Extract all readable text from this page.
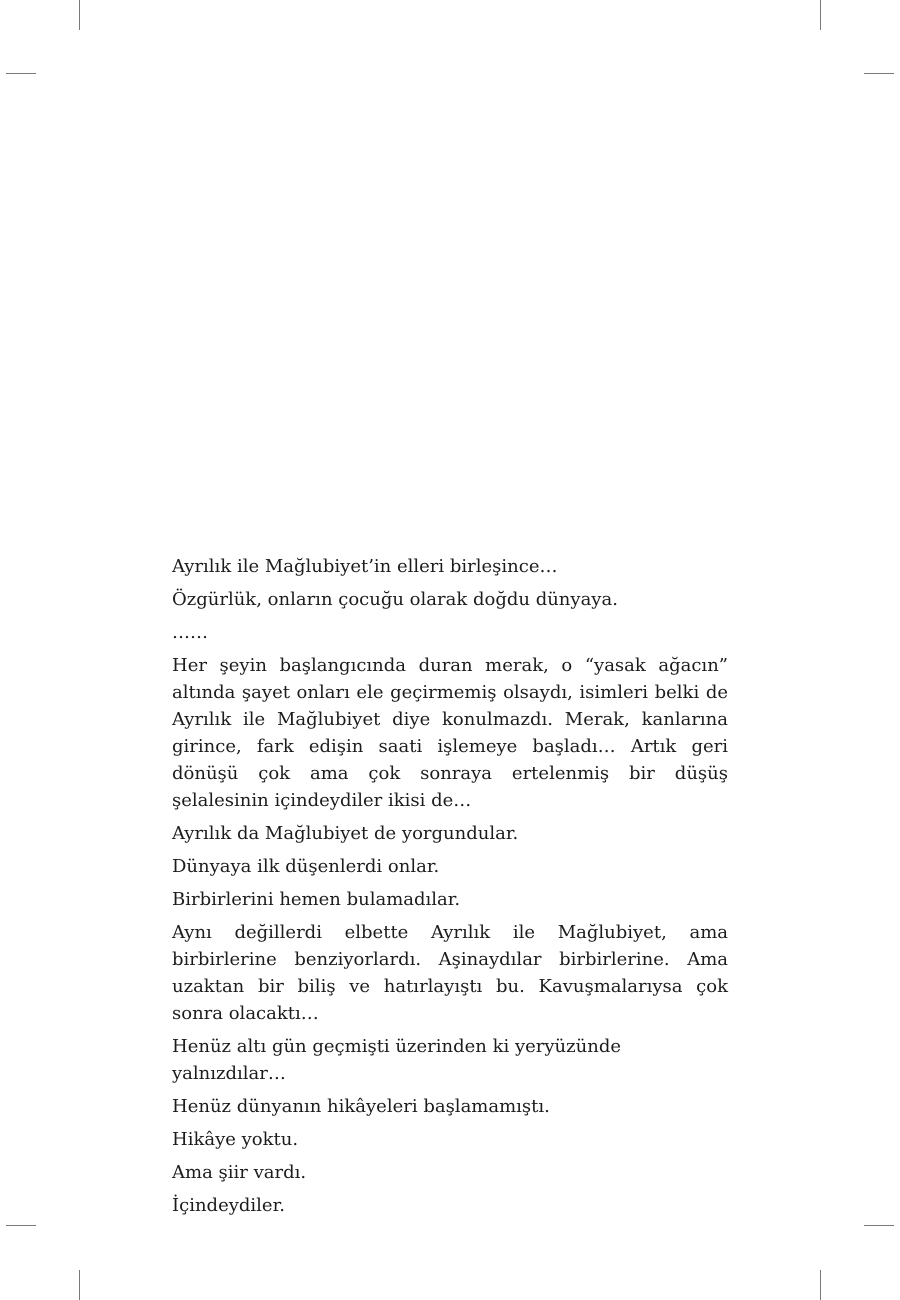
Ayrılık ile Mağlubiyet’in elleri birleşince…

Özgürlük, onların çocuğu olarak doğdu dünyaya.

……

Her şeyin başlangıcında duran merak, o “yasak ağacın” altında şayet onları ele geçirmemiş olsaydı, isimleri belki de Ayrılık ile Mağlubiyet diye konulmazdı. Merak, kanlarına girince, fark edişin saati işlemeye başladı… Artık geri dönüşü çok ama çok sonraya ertelenmiş bir düşüş şelalesinin içindeydiler ikisi de…

Ayrılık da Mağlubiyet de yorgundular.

Dünyaya ilk düşenlerdi onlar.

Birbirlerini hemen bulamadılar.

Aynı değillerdi elbette Ayrılık ile Mağlubiyet, ama birbirlerine benziyorlardı. Aşinaydılar birbirlerine. Ama uzaktan bir biliş ve hatırlayıştı bu. Kavuşmalarıysa çok sonra olacaktı…

Henüz altı gün geçmişti üzerinden ki yeryüzünde yalnızdılar…

Henüz dünyanın hikâyeleri başlamamıştı.

Hikâye yoktu.

Ama şiir vardı.

İçindeydiler.
